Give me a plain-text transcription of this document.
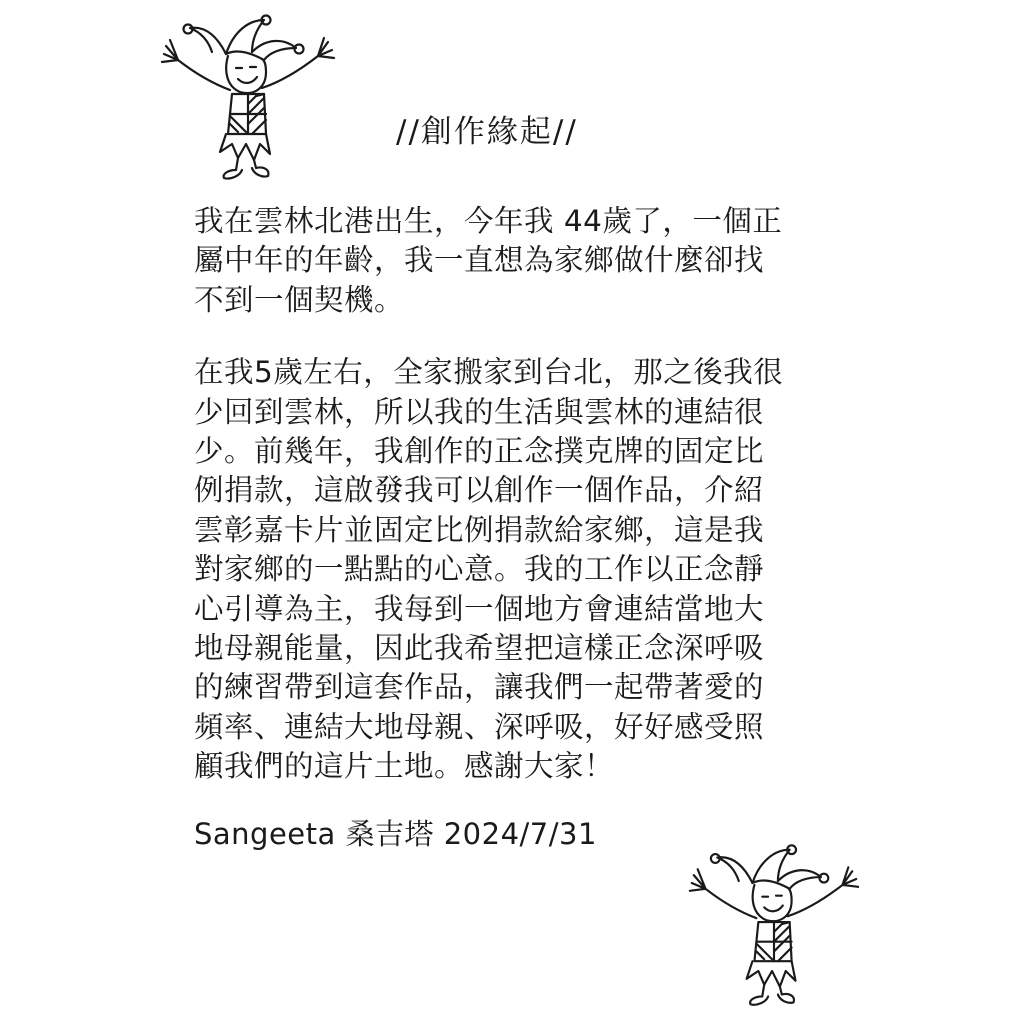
//創作緣起//

我在雲林北港出生，今年我 44歲了，一個正
屬中年的年齡，我一直想為家鄉做什麼卻找
不到一個契機。

在我5歲左右，全家搬家到台北，那之後我很
少回到雲林，所以我的生活與雲林的連結很
少。前幾年，我創作的正念撲克牌的固定比
例捐款，這啟發我可以創作一個作品，介紹
雲彰嘉卡片並固定比例捐款給家鄉，這是我
對家鄉的一點點的心意。我的工作以正念靜
心引導為主，我每到一個地方會連結當地大
地母親能量，因此我希望把這樣正念深呼吸
的練習帶到這套作品，讓我們一起帶著愛的
頻率、連結大地母親、深呼吸，好好感受照
顧我們的這片土地。感謝大家！

Sangeeta 桑吉塔 2024/7/31
